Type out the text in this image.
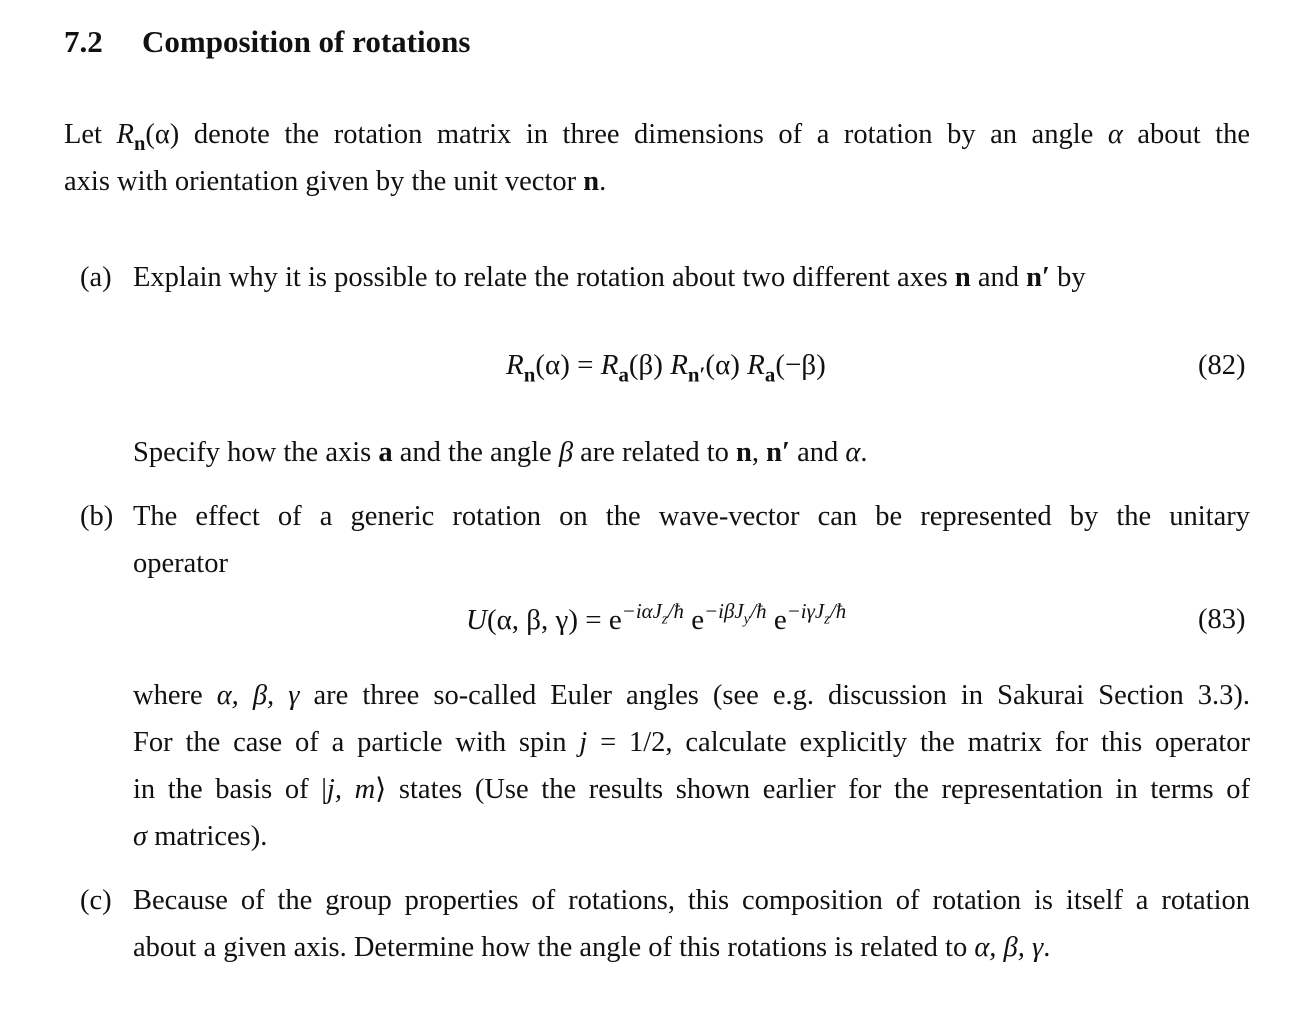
7.2 Composition of rotations
Let $R_n(\alpha)$ denote the rotation matrix in three dimensions of a rotation by an angle α about the
axis with orientation given by the unit vector n.
(a) Explain why it is possible to relate the rotation about two different axes n and n′ by
$R_n(\alpha) = R_a(\beta)$ $R_{n'}(\alpha)$ $R_a(-\beta)$	(82)
Specify how the axis a and the angle β are related to n, n′ and α.
(b) The effect of a generic rotation on the wave-vector can be represented by the unitary
operator
U(α, β, $\gamma) = e^{-i\alpha J_z/ħ}$ $e^{-i\beta J_y/ħ}$ $e^{-i\gamma J_z/ħ}$	(83)
where α, β, γ are three so-called Euler angles (see e.g. discussion in Sakurai Section 3.3).
For the case of a particle with spin j = 1/2, calculate explicitly the matrix for this operator
in the basis of |j, m⟩ states (Use the results shown earlier for the representation in terms of
σ matrices).
(c) Because of the group properties of rotations, this composition of rotation is itself a rotation
about a given axis. Determine how the angle of this rotations is related to α, β, γ.
